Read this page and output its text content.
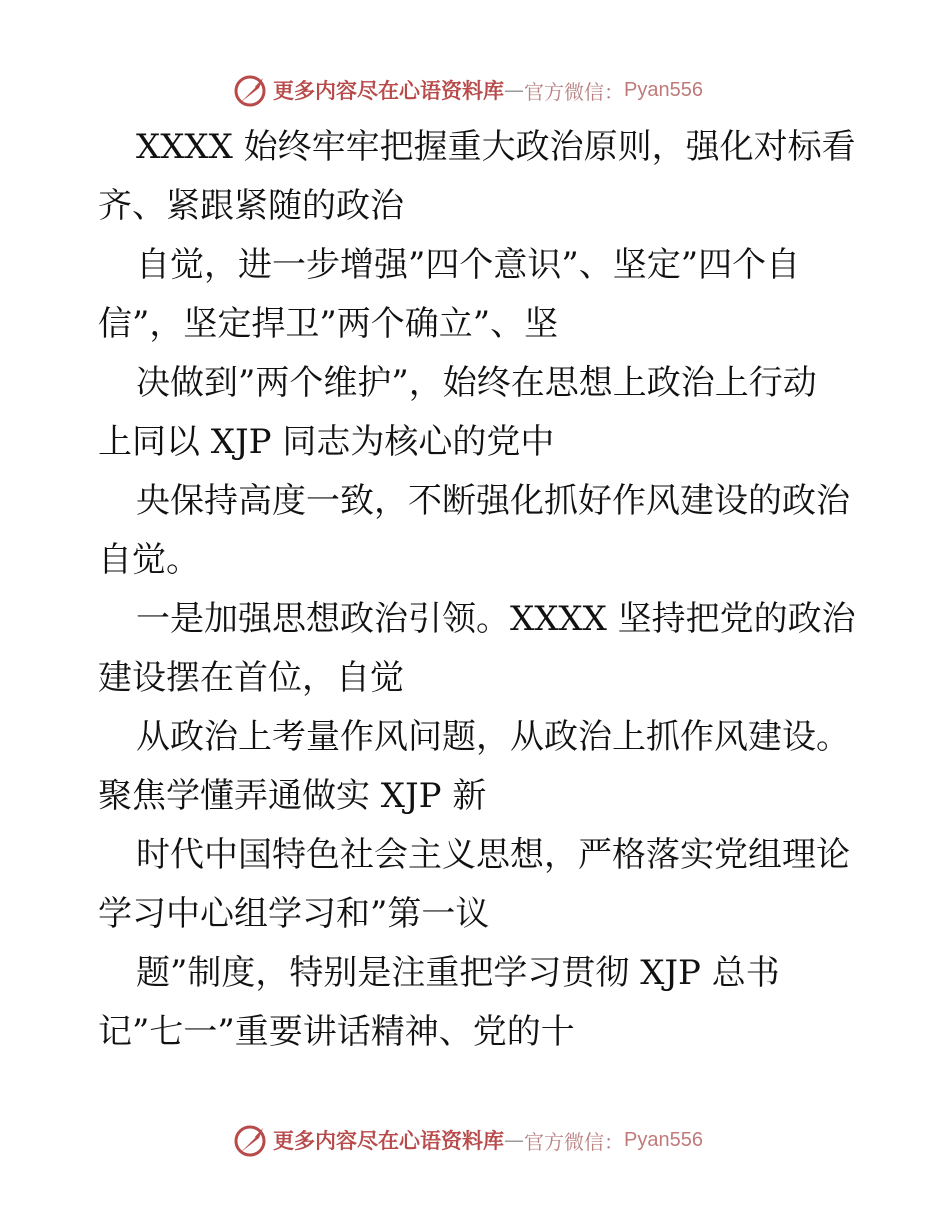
更多内容尽在心语资料库 — 官方微信： Pyan556
XXXX 始终牢牢把握重大政治原则，强化对标看
齐、紧跟紧随的政治
自觉，进一步增强”四个意识”、坚定”四个自
信”，坚定捍卫”两个确立”、坚
决做到”两个维护”，始终在思想上政治上行动
上同以 XJP 同志为核心的党中
央保持高度一致，不断强化抓好作风建设的政治
自觉。
一是加强思想政治引领。XXXX 坚持把党的政治
建设摆在首位，自觉
从政治上考量作风问题，从政治上抓作风建设。
聚焦学懂弄通做实 XJP 新
时代中国特色社会主义思想，严格落实党组理论
学习中心组学习和”第一议
题”制度，特别是注重把学习贯彻 XJP 总书
记”七一”重要讲话精神、党的十
更多内容尽在心语资料库 — 官方微信： Pyan556
